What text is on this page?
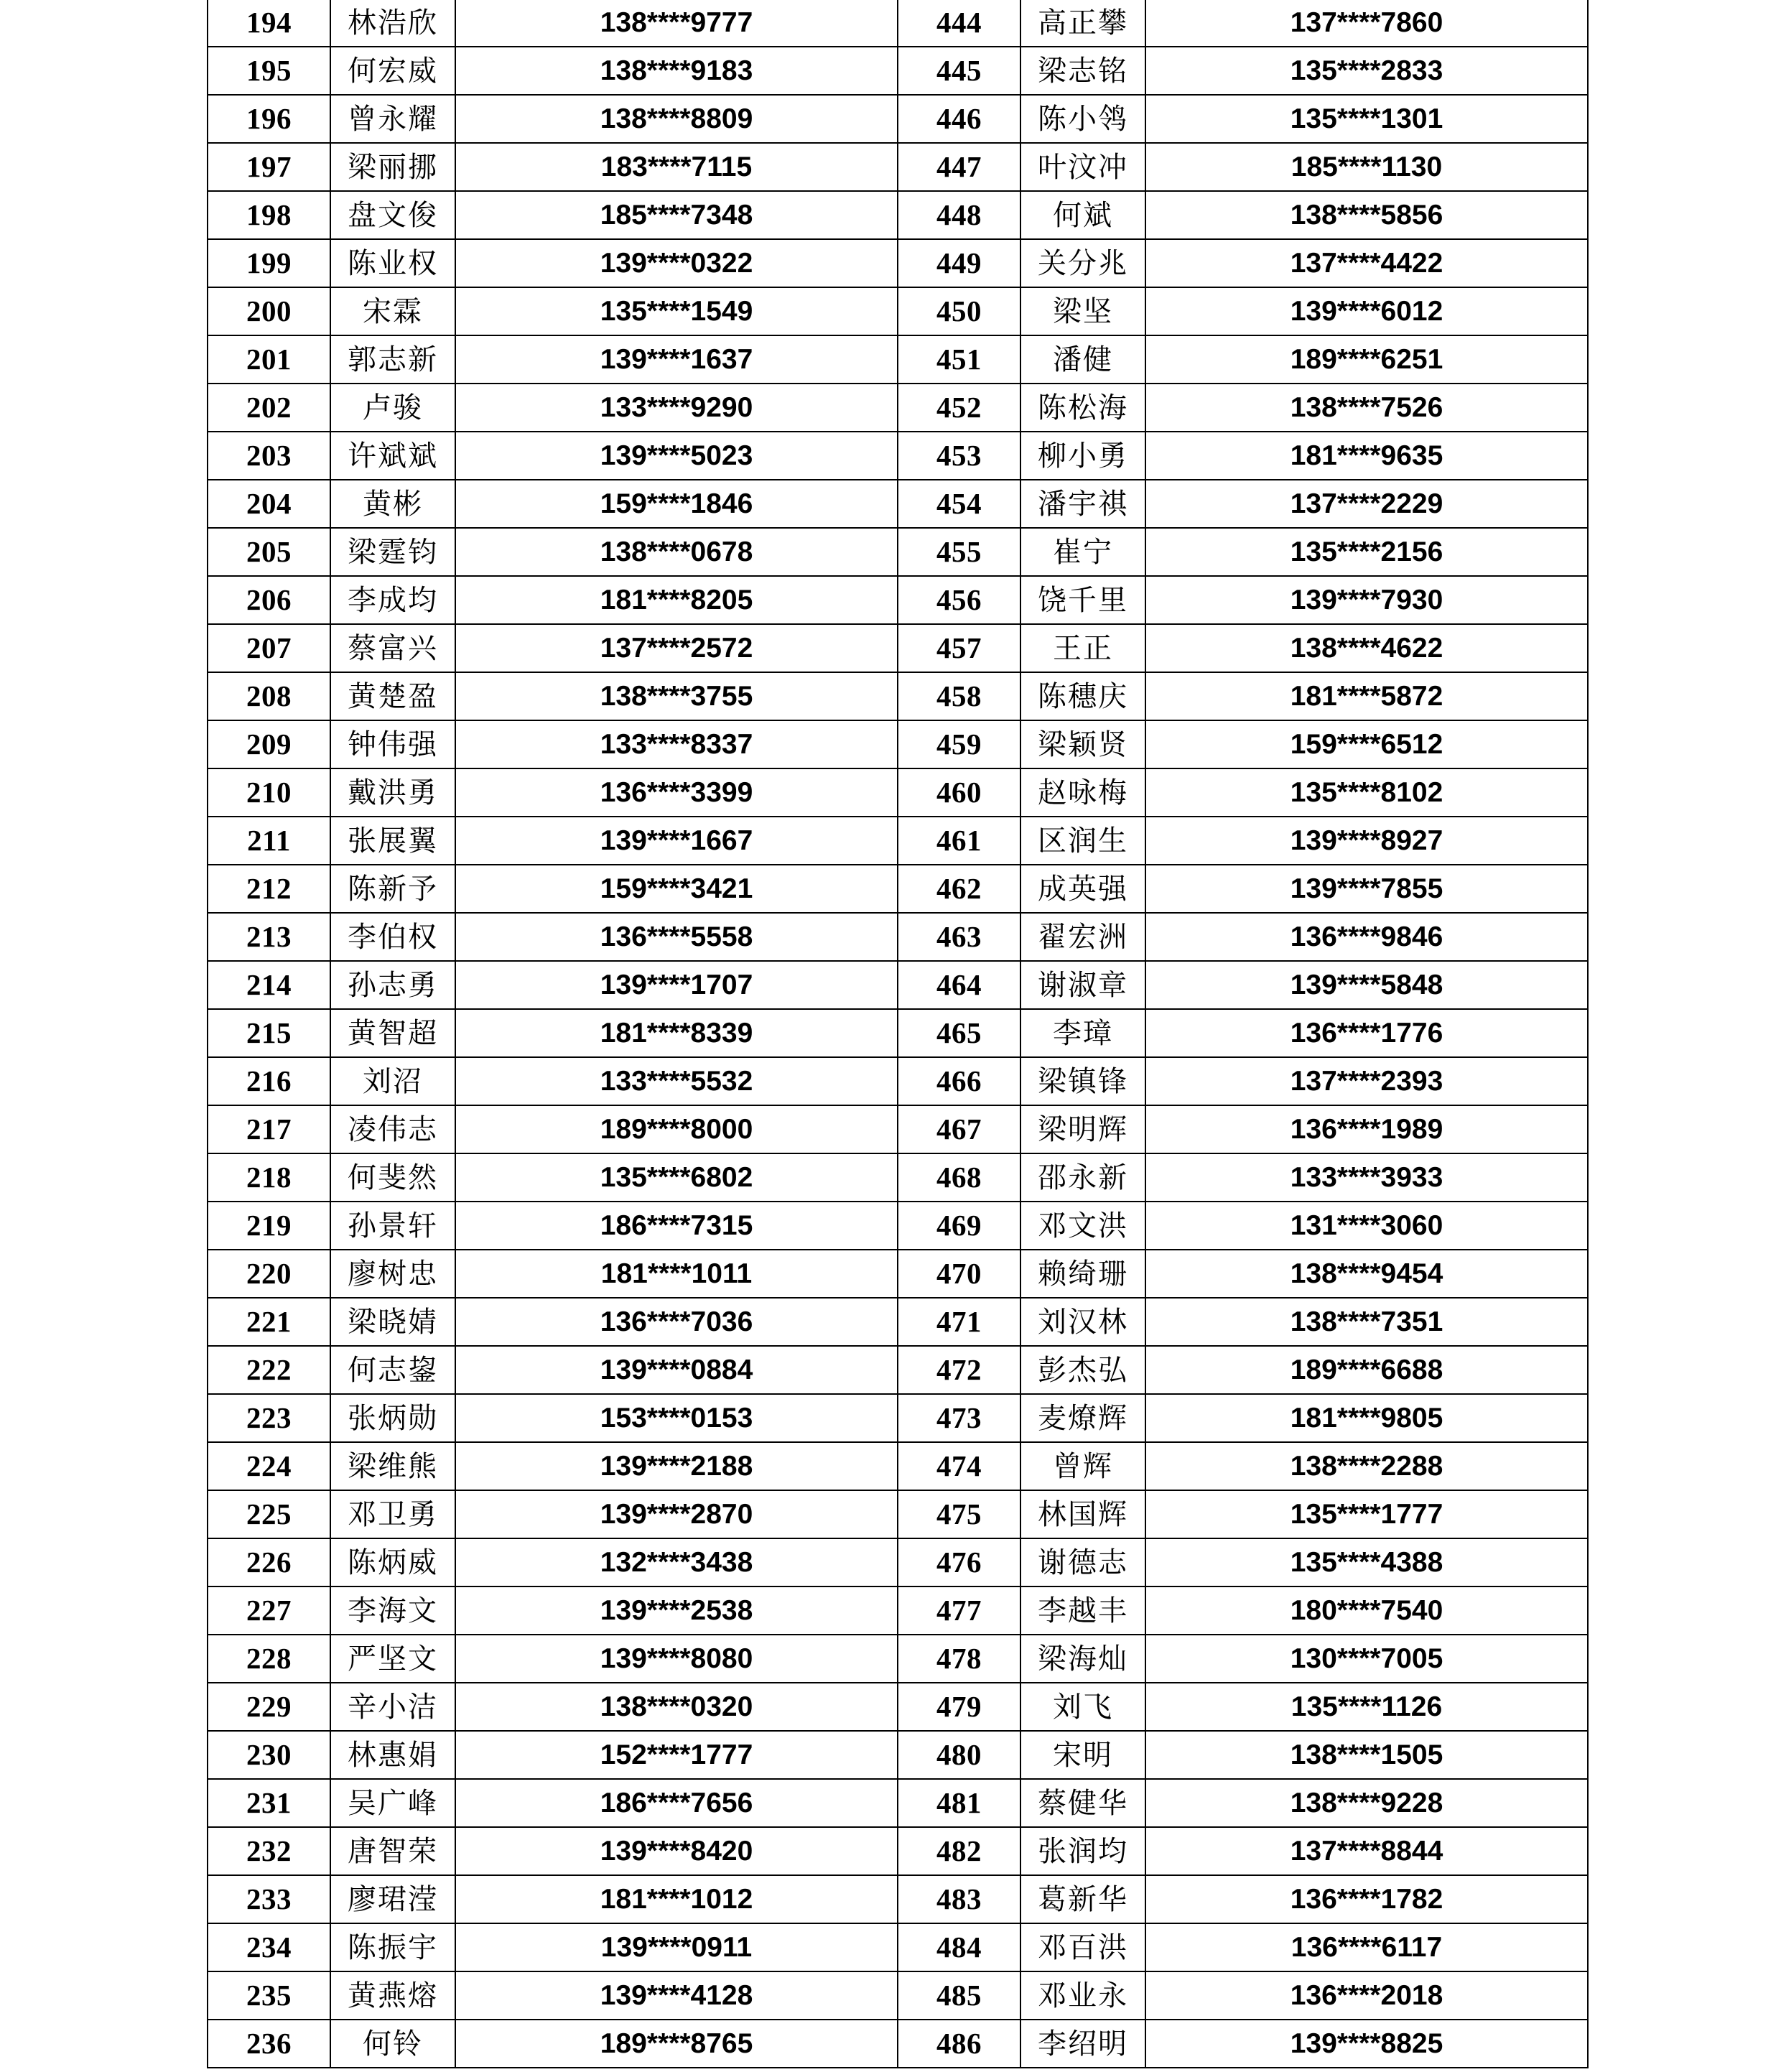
194	林浩欣	138****9777	444	高正攀	137****7860
195	何宏威	138****9183	445	梁志铭	135****2833
196	曾永耀	138****8809	446	陈小鸰	135****1301
197	梁丽挪	183****7115	447	叶汶冲	185****1130
198	盘文俊	185****7348	448	何斌	138****5856
199	陈业权	139****0322	449	关分兆	137****4422
200	宋霖	135****1549	450	梁坚	139****6012
201	郭志新	139****1637	451	潘健	189****6251
202	卢骏	133****9290	452	陈松海	138****7526
203	许斌斌	139****5023	453	柳小勇	181****9635
204	黄彬	159****1846	454	潘宇祺	137****2229
205	梁霆钧	138****0678	455	崔宁	135****2156
206	李成均	181****8205	456	饶千里	139****7930
207	蔡富兴	137****2572	457	王正	138****4622
208	黄楚盈	138****3755	458	陈穗庆	181****5872
209	钟伟强	133****8337	459	梁颖贤	159****6512
210	戴洪勇	136****3399	460	赵咏梅	135****8102
211	张展翼	139****1667	461	区润生	139****8927
212	陈新予	159****3421	462	成英强	139****7855
213	李伯权	136****5558	463	翟宏洲	136****9846
214	孙志勇	139****1707	464	谢淑章	139****5848
215	黄智超	181****8339	465	李璋	136****1776
216	刘沼	133****5532	466	梁镇锋	137****2393
217	凌伟志	189****8000	467	梁明辉	136****1989
218	何斐然	135****6802	468	邵永新	133****3933
219	孙景轩	186****7315	469	邓文洪	131****3060
220	廖树忠	181****1011	470	赖绮珊	138****9454
221	梁晓婧	136****7036	471	刘汉林	138****7351
222	何志鋆	139****0884	472	彭杰弘	189****6688
223	张炳勋	153****0153	473	麦燎辉	181****9805
224	梁维熊	139****2188	474	曾辉	138****2288
225	邓卫勇	139****2870	475	林国辉	135****1777
226	陈炳威	132****3438	476	谢德志	135****4388
227	李海文	139****2538	477	李越丰	180****7540
228	严坚文	139****8080	478	梁海灿	130****7005
229	辛小洁	138****0320	479	刘飞	135****1126
230	林惠娟	152****1777	480	宋明	138****1505
231	吴广峰	186****7656	481	蔡健华	138****9228
232	唐智荣	139****8420	482	张润均	137****8844
233	廖珺滢	181****1012	483	葛新华	136****1782
234	陈振宇	139****0911	484	邓百洪	136****6117
235	黄燕熔	139****4128	485	邓业永	136****2018
236	何铃	189****8765	486	李绍明	139****8825
